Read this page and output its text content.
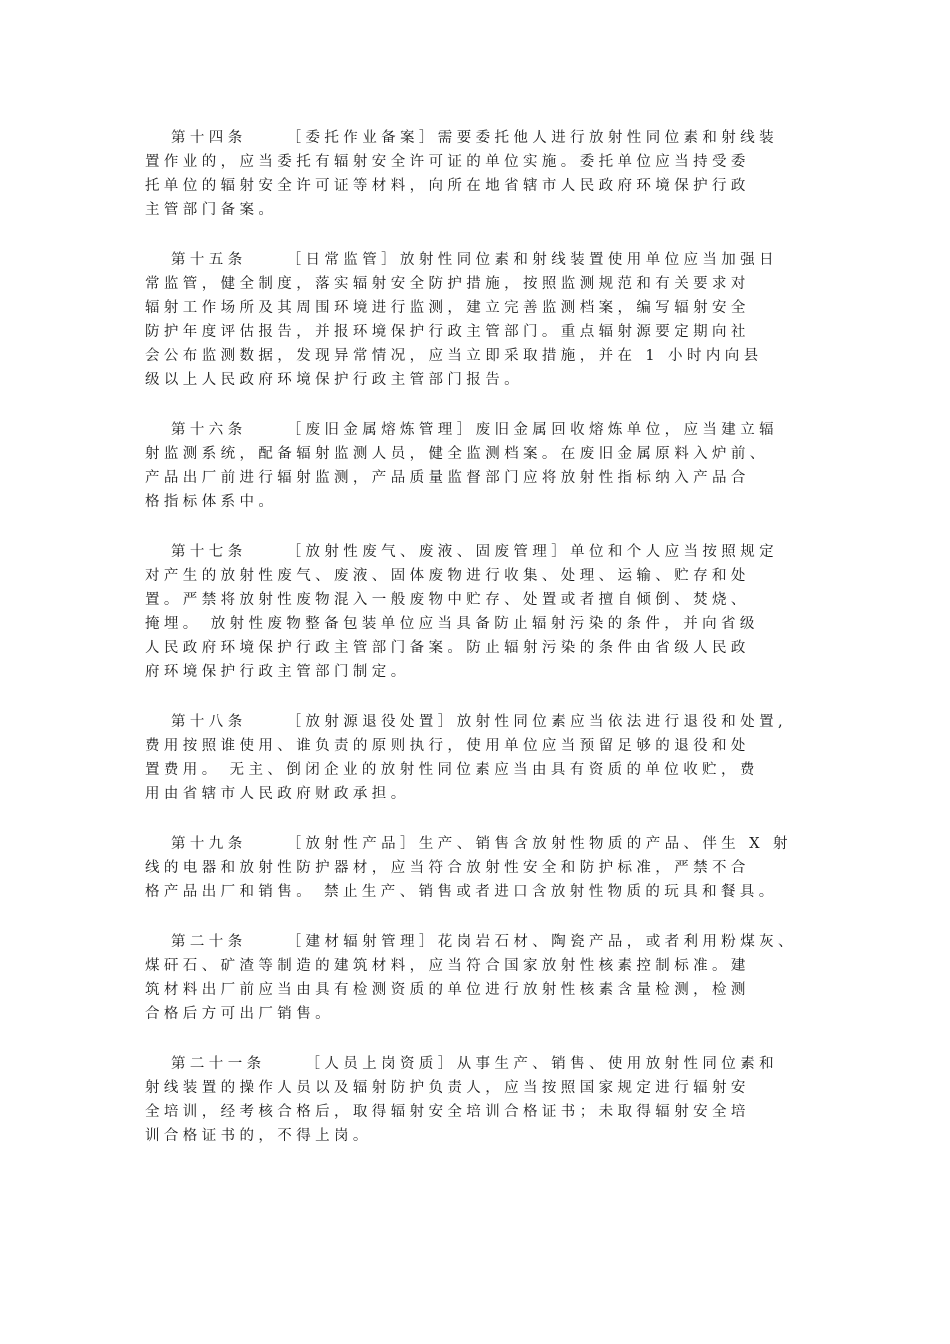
第十四条	［委托作业备案］需要委托他人进行放射性同位素和射线装
置作业的，应当委托有辐射安全许可证的单位实施。委托单位应当持受委
托单位的辐射安全许可证等材料，向所在地省辖市人民政府环境保护行政
主管部门备案。
第十五条	［日常监管］放射性同位素和射线装置使用单位应当加强日
常监管，健全制度，落实辐射安全防护措施，按照监测规范和有关要求对
辐射工作场所及其周围环境进行监测，建立完善监测档案，编写辐射安全
防护年度评估报告，并报环境保护行政主管部门。重点辐射源要定期向社
会公布监测数据，发现异常情况，应当立即采取措施，并在 1 小时内向县
级以上人民政府环境保护行政主管部门报告。
第十六条	［废旧金属熔炼管理］废旧金属回收熔炼单位，应当建立辐
射监测系统，配备辐射监测人员，健全监测档案。在废旧金属原料入炉前、
产品出厂前进行辐射监测，产品质量监督部门应将放射性指标纳入产品合
格指标体系中。
第十七条	［放射性废气、废液、固废管理］单位和个人应当按照规定
对产生的放射性废气、废液、固体废物进行收集、处理、运输、贮存和处
置。严禁将放射性废物混入一般废物中贮存、处置或者擅自倾倒、焚烧、
掩埋。 放射性废物整备包装单位应当具备防止辐射污染的条件，并向省级
人民政府环境保护行政主管部门备案。防止辐射污染的条件由省级人民政
府环境保护行政主管部门制定。
第十八条	［放射源退役处置］放射性同位素应当依法进行退役和处置,
费用按照谁使用、谁负责的原则执行，使用单位应当预留足够的退役和处
置费用。 无主、倒闭企业的放射性同位素应当由具有资质的单位收贮，费
用由省辖市人民政府财政承担。
第十九条	［放射性产品］生产、销售含放射性物质的产品、伴生 X 射
线的电器和放射性防护器材，应当符合放射性安全和防护标准，严禁不合
格产品出厂和销售。 禁止生产、销售或者进口含放射性物质的玩具和餐具。
第二十条	［建材辐射管理］花岗岩石材、陶瓷产品，或者利用粉煤灰、
煤矸石、矿渣等制造的建筑材料，应当符合国家放射性核素控制标准。建
筑材料出厂前应当由具有检测资质的单位进行放射性核素含量检测，检测
合格后方可出厂销售。
第二十一条	［人员上岗资质］从事生产、销售、使用放射性同位素和
射线装置的操作人员以及辐射防护负责人，应当按照国家规定进行辐射安
全培训，经考核合格后，取得辐射安全培训合格证书；未取得辐射安全培
训合格证书的，不得上岗。
